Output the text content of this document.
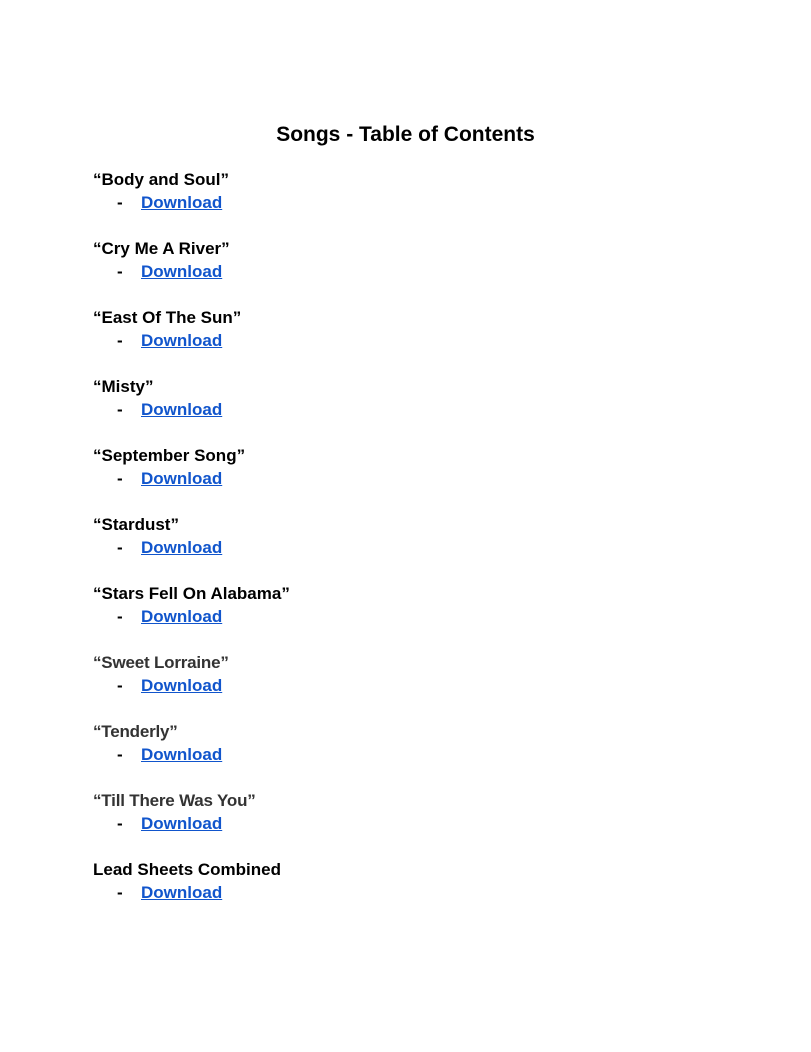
Songs - Table of Contents
“Body and Soul”
- Download
“Cry Me A River”
- Download
“East Of The Sun”
- Download
“Misty”
- Download
“September Song”
- Download
“Stardust”
- Download
“Stars Fell On Alabama”
- Download
“Sweet Lorraine”
- Download
“Tenderly”
- Download
“Till There Was You”
- Download
Lead Sheets Combined
- Download
